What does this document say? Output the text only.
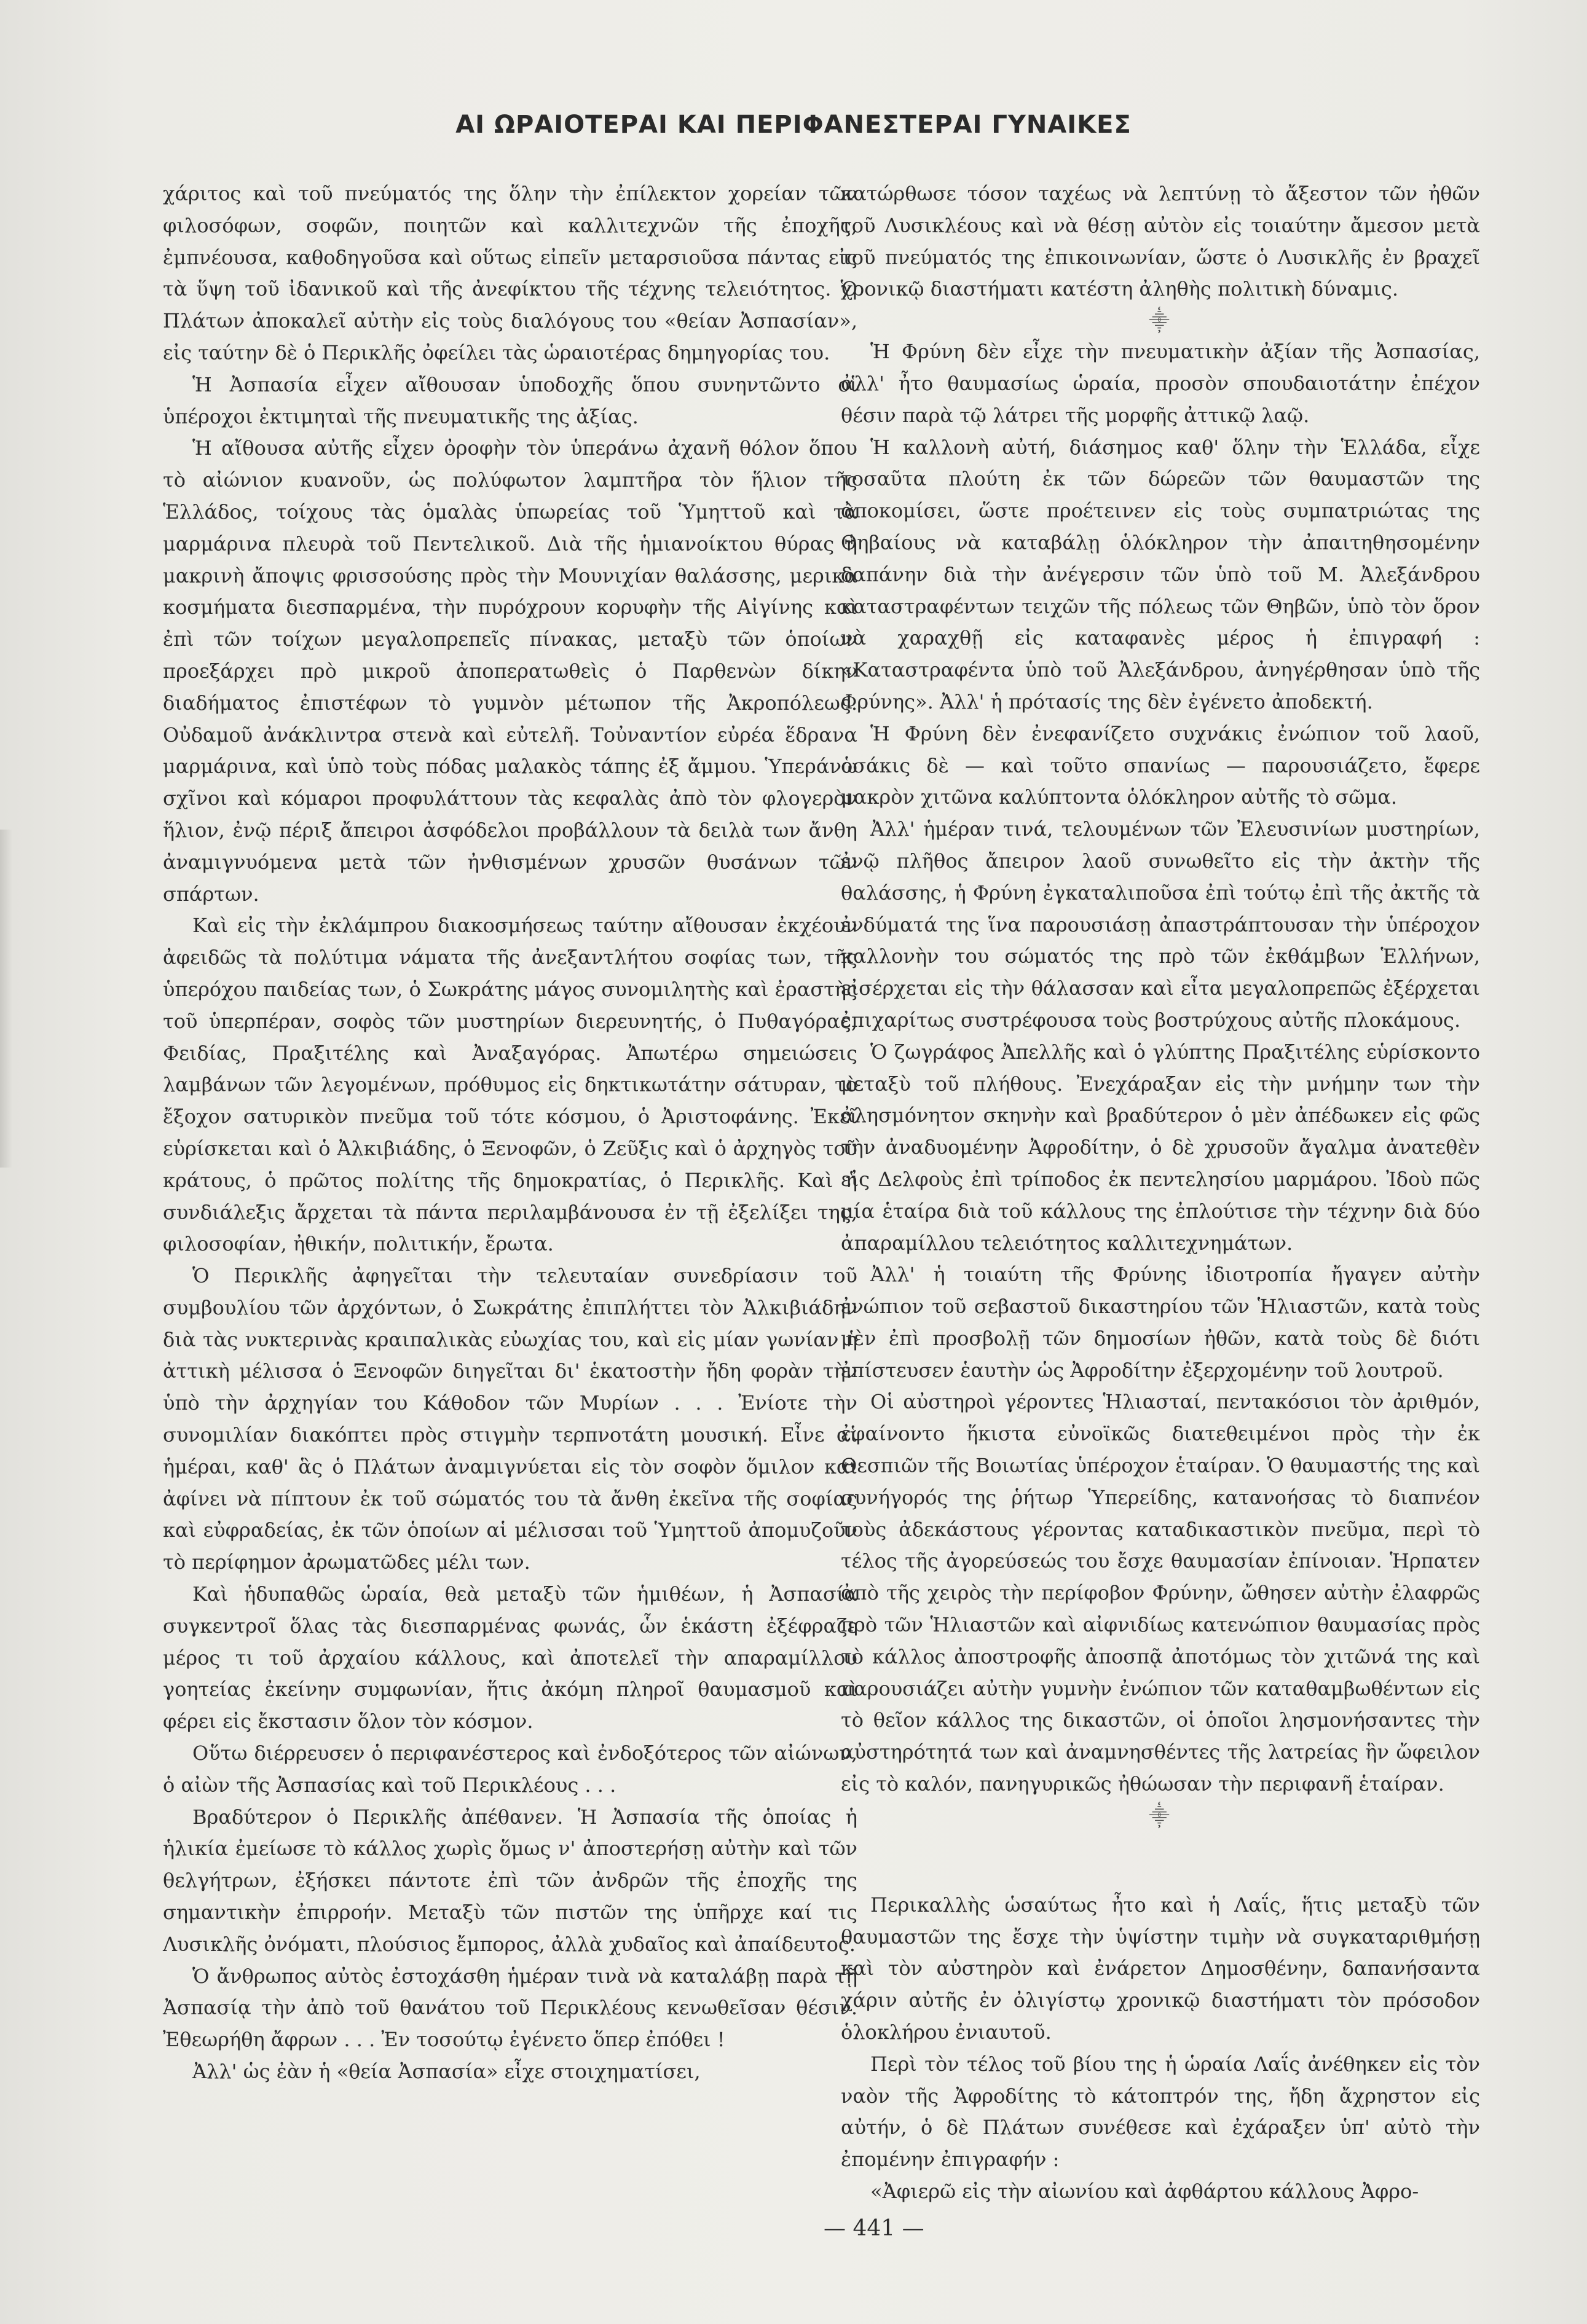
ΑΙ ΩΡΑΙΟΤΕΡΑΙ ΚΑΙ ΠΕΡΙΦΑΝΕΣΤΕΡΑΙ ΓΥΝΑΙΚΕΣ

χάριτος καὶ τοῦ πνεύματός της ὅλην τὴν ἐπίλεκτον χορείαν τῶν φιλοσόφων, σοφῶν, ποιητῶν καὶ καλλιτεχνῶν τῆς ἐποχῆς, ἐμπνέουσα, καθοδηγοῦσα καὶ οὕτως εἰπεῖν μεταρσιοῦσα πάντας εἰς τὰ ὕψη τοῦ ἰδανικοῦ καὶ τῆς ἀνεφίκτου τῆς τέχνης τελειότητος. Ὁ Πλάτων ἀποκαλεῖ αὐτὴν εἰς τοὺς διαλόγους του «θείαν Ἀσπασίαν», εἰς ταύτην δὲ ὁ Περικλῆς ὀφείλει τὰς ὡραιοτέρας δημηγορίας του.

Ἡ Ἀσπασία εἶχεν αἴθουσαν ὑποδοχῆς ὅπου συνηντῶντο οἱ ὑπέροχοι ἐκτιμηταὶ τῆς πνευματικῆς της ἀξίας.

Ἡ αἴθουσα αὐτῆς εἶχεν ὀροφὴν τὸν ὑπεράνω ἀχανῆ θόλον ὅπου τὸ αἰώνιον κυανοῦν, ὡς πολύφωτον λαμπτῆρα τὸν ἥλιον τῆς Ἑλλάδος, τοίχους τὰς ὁμαλὰς ὑπωρείας τοῦ Ὑμηττοῦ καὶ τὰ μαρμάρινα πλευρὰ τοῦ Πεντελικοῦ. Διὰ τῆς ἡμιανοίκτου θύρας ἡ μακρινὴ ἄποψις φρισσούσης πρὸς τὴν Μουνιχίαν θαλάσσης, μερικὰ κοσμήματα διεσπαρμένα, τὴν πυρόχρουν κορυφὴν τῆς Αἰγίνης καὶ ἐπὶ τῶν τοίχων μεγαλοπρεπεῖς πίνακας, μεταξὺ τῶν ὁποίων προεξάρχει πρὸ μικροῦ ἀποπερατωθεὶς ὁ Παρθενὼν δίκην διαδήματος ἐπιστέφων τὸ γυμνὸν μέτωπον τῆς Ἀκροπόλεως. Οὐδαμοῦ ἀνάκλιντρα στενὰ καὶ εὐτελῆ. Τοὐναντίον εὐρέα ἕδρανα μαρμάρινα, καὶ ὑπὸ τοὺς πόδας μαλακὸς τάπης ἐξ ἄμμου. Ὑπεράνω σχῖνοι καὶ κόμαροι προφυλάττουν τὰς κεφαλὰς ἀπὸ τὸν φλογερὸν ἥλιον, ἐνῷ πέριξ ἄπειροι ἀσφόδελοι προβάλλουν τὰ δειλὰ των ἄνθη ἀναμιγνυόμενα μετὰ τῶν ἠνθισμένων χρυσῶν θυσάνων τῶν σπάρτων.

Καὶ εἰς τὴν ἐκλάμπρου διακοσμήσεως ταύτην αἴθουσαν ἐκχέουν ἀφειδῶς τὰ πολύτιμα νάματα τῆς ἀνεξαντλήτου σοφίας των, τῆς ὑπερόχου παιδείας των, ὁ Σωκράτης μάγος συνομιλητὴς καὶ ἐραστὴς τοῦ ὑπερπέραν, σοφὸς τῶν μυστηρίων διερευνητής, ὁ Πυθαγόρας, Φειδίας, Πραξιτέλης καὶ Ἀναξαγόρας. Ἀπωτέρω σημειώσεις λαμβάνων τῶν λεγομένων, πρόθυμος εἰς δηκτικωτάτην σάτυραν, τὸ ἔξοχον σατυρικὸν πνεῦμα τοῦ τότε κόσμου, ὁ Ἀριστοφάνης. Ἐκεῖ εὑρίσκεται καὶ ὁ Ἀλκιβιάδης, ὁ Ξενοφῶν, ὁ Ζεῦξις καὶ ὁ ἀρχηγὸς τοῦ κράτους, ὁ πρῶτος πολίτης τῆς δημοκρατίας, ὁ Περικλῆς. Καὶ ἡ συνδιάλεξις ἄρχεται τὰ πάντα περιλαμβάνουσα ἐν τῇ ἐξελίξει της, φιλοσοφίαν, ἠθικήν, πολιτικήν, ἔρωτα.

Ὁ Περικλῆς ἀφηγεῖται τὴν τελευταίαν συνεδρίασιν τοῦ συμβουλίου τῶν ἀρχόντων, ὁ Σωκράτης ἐπιπλήττει τὸν Ἀλκιβιάδην διὰ τὰς νυκτερινὰς κραιπαλικὰς εὐωχίας του, καὶ εἰς μίαν γωνίαν ἡ ἀττικὴ μέλισσα ὁ Ξενοφῶν διηγεῖται δι' ἑκατοστὴν ἤδη φορὰν τὴν ὑπὸ τὴν ἀρχηγίαν του Κάθοδον τῶν Μυρίων . . . Ἐνίοτε τὴν συνομιλίαν διακόπτει πρὸς στιγμὴν τερπνοτάτη μουσική. Εἶνε αἱ ἡμέραι, καθ' ἃς ὁ Πλάτων ἀναμιγνύεται εἰς τὸν σοφὸν ὅμιλον καὶ ἀφίνει νὰ πίπτουν ἐκ τοῦ σώματός του τὰ ἄνθη ἐκεῖνα τῆς σοφίας καὶ εὐφραδείας, ἐκ τῶν ὁποίων αἱ μέλισσαι τοῦ Ὑμηττοῦ ἀπομυζοῦν τὸ περίφημον ἀρωματῶδες μέλι των.

Καὶ ἡδυπαθῶς ὡραία, θεὰ μεταξὺ τῶν ἡμιθέων, ἡ Ἀσπασία συγκεντροῖ ὅλας τὰς διεσπαρμένας φωνάς, ὧν ἑκάστη ἐξέφραζε μέρος τι τοῦ ἀρχαίου κάλλους, καὶ ἀποτελεῖ τὴν απαραμίλλου γοητείας ἐκείνην συμφωνίαν, ἥτις ἀκόμη πληροῖ θαυμασμοῦ καὶ φέρει εἰς ἔκστασιν ὅλον τὸν κόσμον.

Οὕτω διέρρευσεν ὁ περιφανέστερος καὶ ἐνδοξότερος τῶν αἰώνων, ὁ αἰὼν τῆς Ἀσπασίας καὶ τοῦ Περικλέους . . .

Βραδύτερον ὁ Περικλῆς ἀπέθανεν. Ἡ Ἀσπασία τῆς ὁποίας ἡ ἡλικία ἐμείωσε τὸ κάλλος χωρὶς ὅμως ν' ἀποστερήσῃ αὐτὴν καὶ τῶν θελγήτρων, ἐξήσκει πάντοτε ἐπὶ τῶν ἀνδρῶν τῆς ἐποχῆς της σημαντικὴν ἐπιρροήν. Μεταξὺ τῶν πιστῶν της ὑπῆρχε καί τις Λυσικλῆς ὀνόματι, πλούσιος ἔμπορος, ἀλλὰ χυδαῖος καὶ ἀπαίδευτος.

Ὁ ἄνθρωπος αὐτὸς ἐστοχάσθη ἡμέραν τινὰ νὰ καταλάβῃ παρὰ τῇ Ἀσπασίᾳ τὴν ἀπὸ τοῦ θανάτου τοῦ Περικλέους κενωθεῖσαν θέσιν. Ἐθεωρήθη ἄφρων . . . Ἐν τοσούτῳ ἐγένετο ὅπερ ἐπόθει !

Ἀλλ' ὡς ἐὰν ἡ «θεία Ἀσπασία» εἶχε στοιχηματίσει,

κατώρθωσε τόσον ταχέως νὰ λεπτύνῃ τὸ ἄξεστον τῶν ἠθῶν τοῦ Λυσικλέους καὶ νὰ θέσῃ αὐτὸν εἰς τοιαύτην ἄμεσον μετὰ τοῦ πνεύματός της ἐπικοινωνίαν, ὥστε ὁ Λυσικλῆς ἐν βραχεῖ χρονικῷ διαστήματι κατέστη ἀληθὴς πολιτικὴ δύναμις.

⸎

Ἡ Φρύνη δὲν εἶχε τὴν πνευματικὴν ἀξίαν τῆς Ἀσπασίας, ἀλλ' ἦτο θαυμασίως ὡραία, προσὸν σπουδαιοτάτην ἐπέχον θέσιν παρὰ τῷ λάτρει τῆς μορφῆς ἀττικῷ λαῷ.

Ἡ καλλονὴ αὐτή, διάσημος καθ' ὅλην τὴν Ἑλλάδα, εἶχε τοσαῦτα πλούτη ἐκ τῶν δώρεῶν τῶν θαυμαστῶν της ἀποκομίσει, ὥστε προέτεινεν εἰς τοὺς συμπατριώτας της Θηβαίους νὰ καταβάλῃ ὁλόκληρον τὴν ἀπαιτηθησομένην δαπάνην διὰ τὴν ἀνέγερσιν τῶν ὑπὸ τοῦ Μ. Ἀλεξάνδρου καταστραφέντων τειχῶν τῆς πόλεως τῶν Θηβῶν, ὑπὸ τὸν ὅρον νὰ χαραχθῇ εἰς καταφανὲς μέρος ἡ ἐπιγραφή : «Καταστραφέντα ὑπὸ τοῦ Ἀλεξάνδρου, ἀνηγέρθησαν ὑπὸ τῆς Φρύνης». Ἀλλ' ἡ πρότασίς της δὲν ἐγένετο ἀποδεκτή.

Ἡ Φρύνη δὲν ἐνεφανίζετο συχνάκις ἐνώπιον τοῦ λαοῦ, ὁσάκις δὲ — καὶ τοῦτο σπανίως — παρουσιάζετο, ἔφερε μακρὸν χιτῶνα καλύπτοντα ὁλόκληρον αὐτῆς τὸ σῶμα.

Ἀλλ' ἡμέραν τινά, τελουμένων τῶν Ἐλευσινίων μυστηρίων, ἐνῷ πλῆθος ἄπειρον λαοῦ συνωθεῖτο εἰς τὴν ἀκτὴν τῆς θαλάσσης, ἡ Φρύνη ἐγκαταλιποῦσα ἐπὶ τούτῳ ἐπὶ τῆς ἀκτῆς τὰ ἐνδύματά της ἵνα παρουσιάσῃ ἀπαστράπτουσαν τὴν ὑπέροχον καλλονὴν του σώματός της πρὸ τῶν ἐκθάμβων Ἑλλήνων, εἰσέρχεται εἰς τὴν θάλασσαν καὶ εἶτα μεγαλοπρεπῶς ἐξέρχεται ἐπιχαρίτως συστρέφουσα τοὺς βοστρύχους αὐτῆς πλοκάμους.

Ὁ ζωγράφος Ἀπελλῆς καὶ ὁ γλύπτης Πραξιτέλης εὑρίσκοντο μεταξὺ τοῦ πλήθους. Ἐνεχάραξαν εἰς τὴν μνήμην των τὴν ἀλησμόνητον σκηνὴν καὶ βραδύτερον ὁ μὲν ἀπέδωκεν εἰς φῶς τὴν ἀναδυομένην Ἀφροδίτην, ὁ δὲ χρυσοῦν ἄγαλμα ἀνατεθὲν εἰς Δελφοὺς ἐπὶ τρίποδος ἐκ πεντελησίου μαρμάρου. Ἰδοὺ πῶς μία ἑταίρα διὰ τοῦ κάλλους της ἐπλούτισε τὴν τέχνην διὰ δύο ἀπαραμίλλου τελειότητος καλλιτεχνημάτων.

Ἀλλ' ἡ τοιαύτη τῆς Φρύνης ἰδιοτροπία ἤγαγεν αὐτὴν ἐνώπιον τοῦ σεβαστοῦ δικαστηρίου τῶν Ἡλιαστῶν, κατὰ τοὺς μὲν ἐπὶ προσβολῇ τῶν δημοσίων ἠθῶν, κατὰ τοὺς δὲ διότι ἐπίστευσεν ἑαυτὴν ὡς Ἀφροδίτην ἐξερχομένην τοῦ λουτροῦ.

Οἱ αὐστηροὶ γέροντες Ἡλιασταί, πεντακόσιοι τὸν ἀριθμόν, ἐφαίνοντο ἥκιστα εὐνοϊκῶς διατεθειμένοι πρὸς τὴν ἐκ Θεσπιῶν τῆς Βοιωτίας ὑπέροχον ἑταίραν. Ὁ θαυμαστής της καὶ συνήγορός της ῥήτωρ Ὑπερείδης, κατανοήσας τὸ διαπνέον τοὺς ἀδεκάστους γέροντας καταδικαστικὸν πνεῦμα, περὶ τὸ τέλος τῆς ἀγορεύσεώς του ἔσχε θαυμασίαν ἐπίνοιαν. Ἡρπατεν ἀπὸ τῆς χειρὸς τὴν περίφοβον Φρύνην, ὤθησεν αὐτὴν ἐλαφρῶς πρὸ τῶν Ἡλιαστῶν καὶ αἰφνιδίως κατενώπιον θαυμασίας πρὸς τὸ κάλλος ἀποστροφῆς ἀποσπᾷ ἀποτόμως τὸν χιτῶνά της καὶ παρουσιάζει αὐτὴν γυμνὴν ἐνώπιον τῶν καταθαμβωθέντων εἰς τὸ θεῖον κάλλος της δικαστῶν, οἱ ὁποῖοι λησμονήσαντες τὴν αὐστηρότητά των καὶ ἀναμνησθέντες τῆς λατρείας ἣν ὤφειλον εἰς τὸ καλόν, πανηγυρικῶς ἠθώωσαν τὴν περιφανῆ ἑταίραν.

⸎

Περικαλλὴς ὡσαύτως ἦτο καὶ ἡ Λαΐς, ἥτις μεταξὺ τῶν θαυμαστῶν της ἔσχε τὴν ὑψίστην τιμὴν νὰ συγκαταριθμήσῃ καὶ τὸν αὐστηρὸν καὶ ἐνάρετον Δημοσθένην, δαπανήσαντα χάριν αὐτῆς ἐν ὀλιγίστῳ χρονικῷ διαστήματι τὸν πρόσοδον ὁλοκλήρου ἐνιαυτοῦ.

Περὶ τὸν τέλος τοῦ βίου της ἡ ὡραία Λαΐς ἀνέθηκεν εἰς τὸν ναὸν τῆς Ἀφροδίτης τὸ κάτοπτρόν της, ἤδη ἄχρηστον εἰς αὐτήν, ὁ δὲ Πλάτων συνέθεσε καὶ ἐχάραξεν ὑπ' αὐτὸ τὴν ἐπομένην ἐπιγραφήν :

«Ἀφιερῶ εἰς τὴν αἰωνίου καὶ ἀφθάρτου κάλλους Ἀφρο-

— 441 —
